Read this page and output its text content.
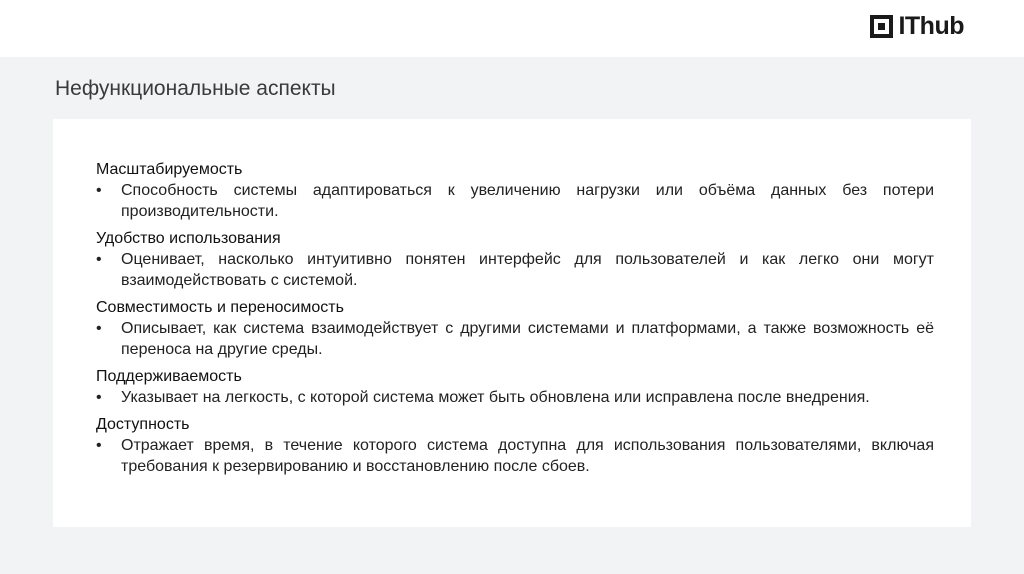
IThub
Нефункциональные аспекты
Масштабируемость
•	Способность системы адаптироваться к увеличению нагрузки или объёма данных без потери производительности.
Удобство использования
•	Оценивает, насколько интуитивно понятен интерфейс для пользователей и как легко они могут взаимодействовать с системой.
Совместимость и переносимость
•	Описывает, как система взаимодействует с другими системами и платформами, а также возможность её переноса на другие среды.
Поддерживаемость
•	Указывает на легкость, с которой система может быть обновлена или исправлена после внедрения.
Доступность
•	Отражает время, в течение которого система доступна для использования пользователями, включая требования к резервированию и восстановлению после сбоев.
